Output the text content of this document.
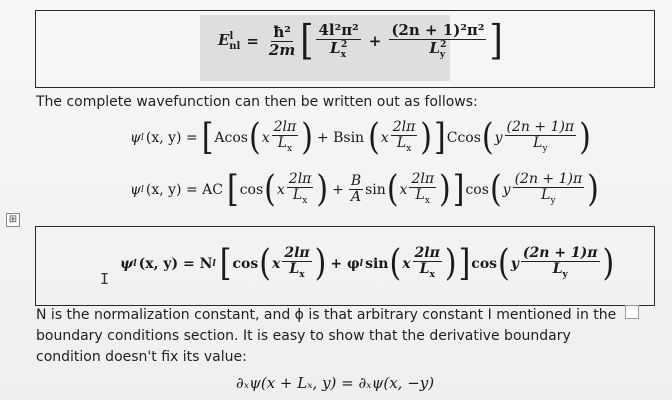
$E^l_{nl} = \frac{\text{ħ²}}{2m}$ [ $\frac{\text{4l²π²}}{L_x^2} + \frac{\text{(2n + 1)²π²}}{L_y^2}$ ]
The complete wavefunction can then be written out as follows:
ψ l (x, y) = [ Acos ( x $\frac{2l\pi}{L_x}$ ) + Bsin ( x $\frac{2l\pi}{L_x}$ ) ] Ccos ( y $\frac{(2n + 1)\pi}{L_y}$ )
ψ l (x, y) = AC [ cos ( x $\frac{2l\pi}{L_x}$ ) + $\frac{B}{A}$ sin ( x $\frac{2l\pi}{L_x}$ ) ] cos ( y $\frac{(2n + 1)\pi}{L_y}$ )
⊞
ψ l (x, y) = N l [ cos ( x $\frac{2l\pi}{L_x}$ ) + φ l sin ( x $\frac{2l\pi}{L_x}$ ) ] cos ( y $\frac{(2n + 1)\pi}{L_y}$ )
I
N is the normalization constant, and ϕ is that arbitrary constant I mentioned in the boundary conditions section. It is easy to show that the derivative boundary condition doesn't fix its value:
∂ₓψ(x + Lₓ, y) = ∂ₓψ(x, −y)
